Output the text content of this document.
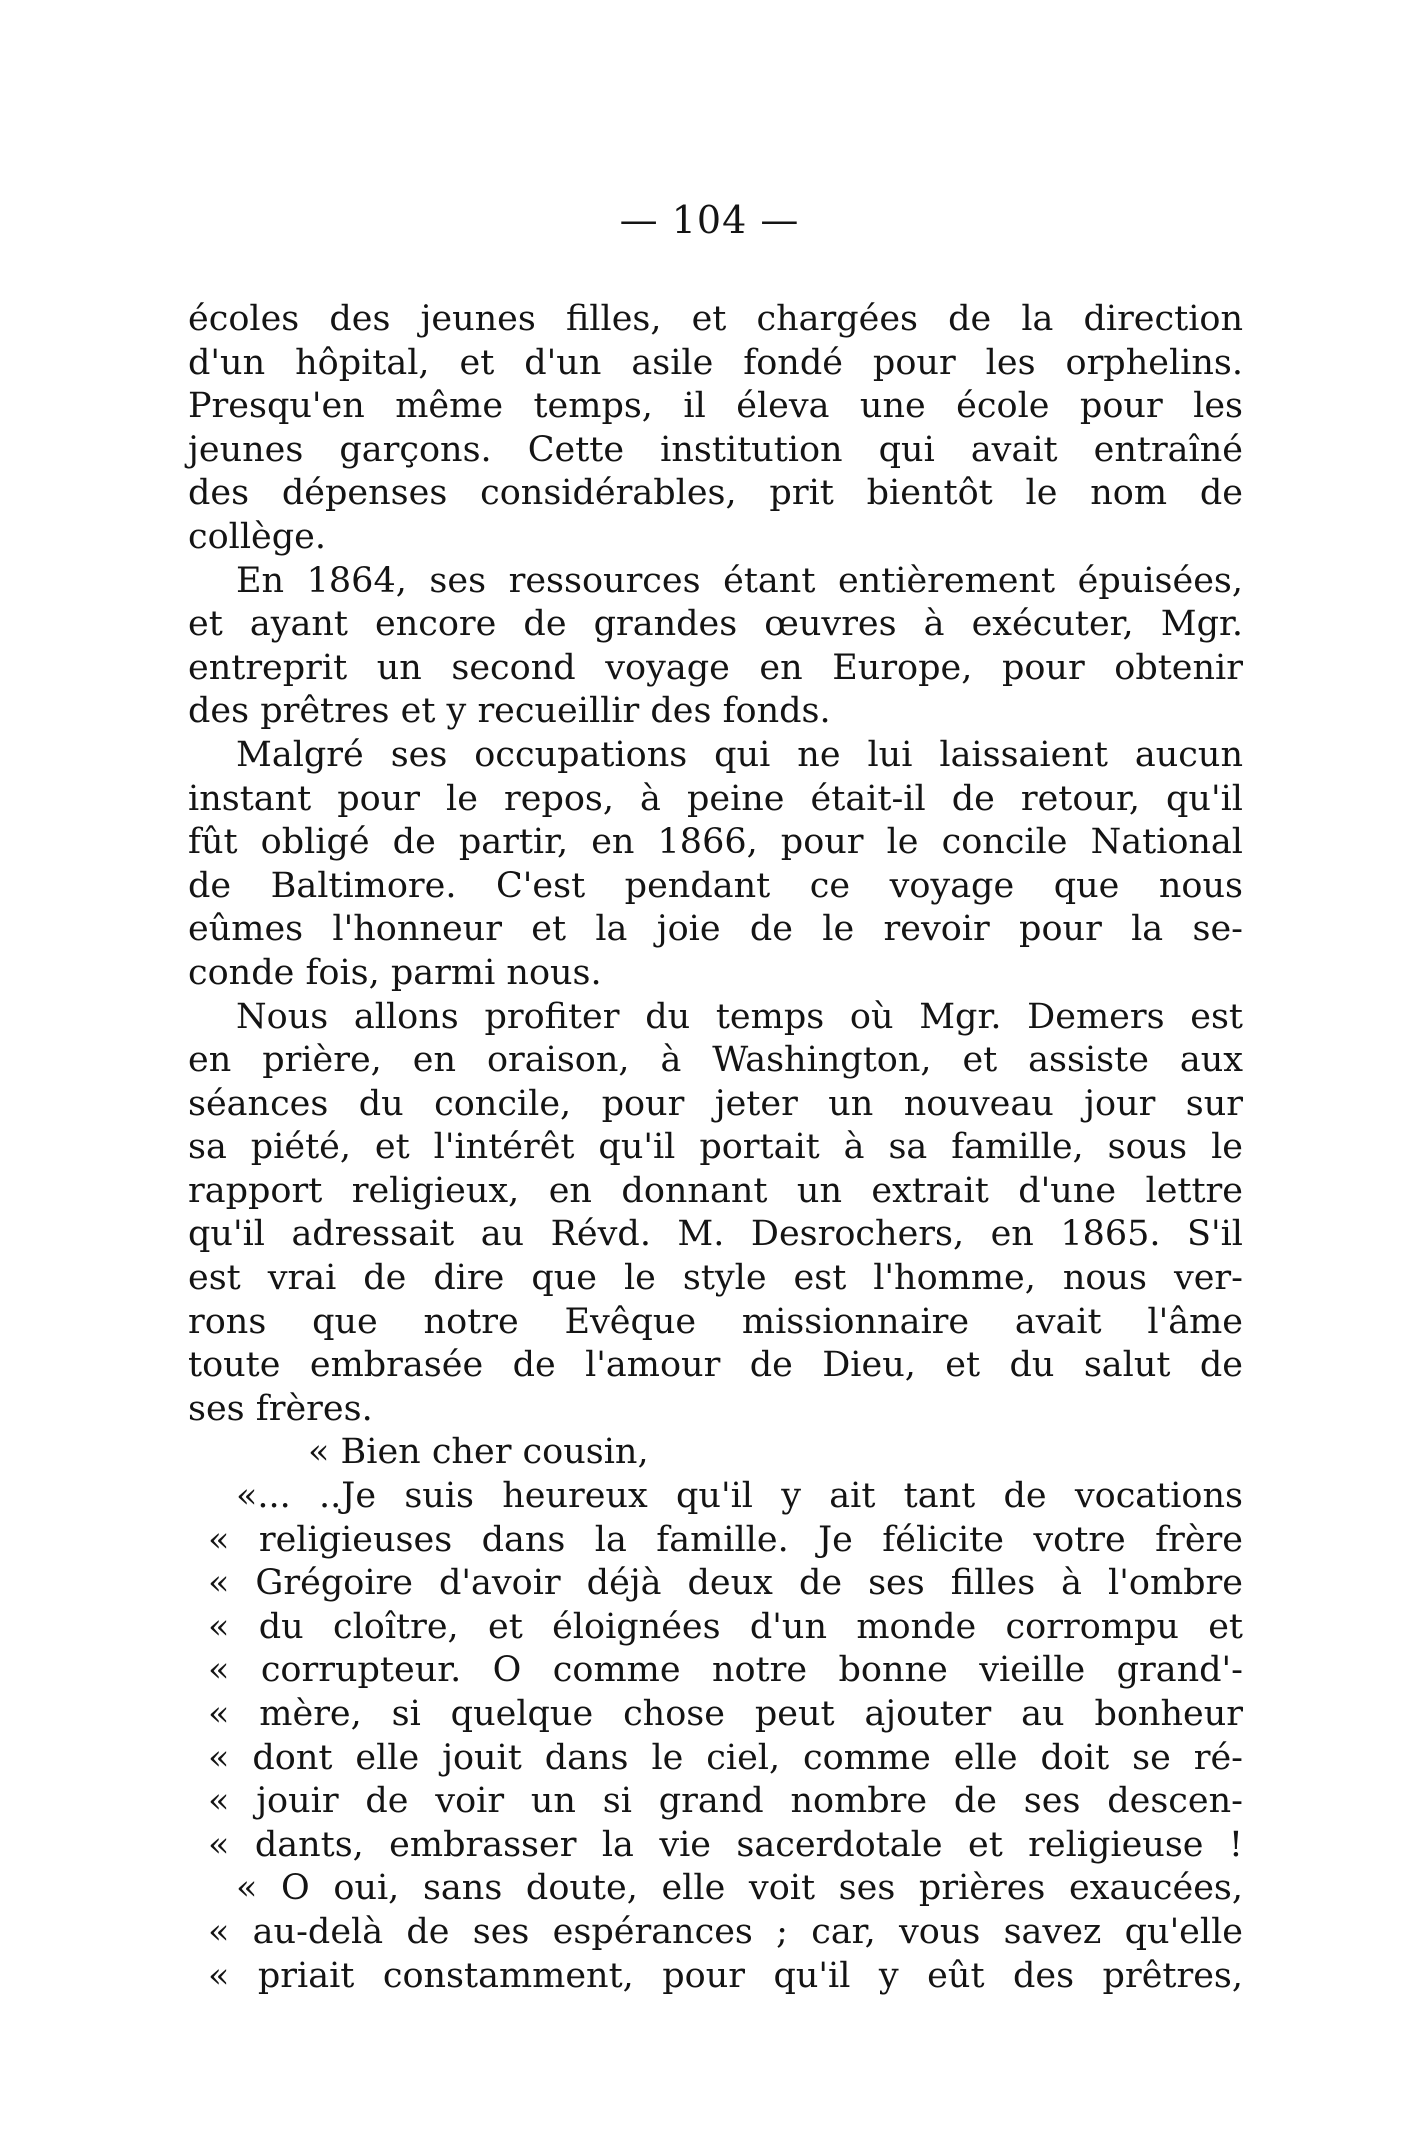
— 104 —
écoles des jeunes filles, et chargées de la direction
d'un hôpital, et d'un asile fondé pour les orphelins.
Presqu'en même temps, il éleva une école pour les
jeunes garçons. Cette institution qui avait entraîné
des dépenses considérables, prit bientôt le nom de
collège.
En 1864, ses ressources étant entièrement épuisées,
et ayant encore de grandes œuvres à exécuter, Mgr.
entreprit un second voyage en Europe, pour obtenir
des prêtres et y recueillir des fonds.
Malgré ses occupations qui ne lui laissaient aucun
instant pour le repos, à peine était-il de retour, qu'il
fût obligé de partir, en 1866, pour le concile National
de Baltimore. C'est pendant ce voyage que nous
eûmes l'honneur et la joie de le revoir pour la se-
conde fois, parmi nous.
Nous allons profiter du temps où Mgr. Demers est
en prière, en oraison, à Washington, et assiste aux
séances du concile, pour jeter un nouveau jour sur
sa piété, et l'intérêt qu'il portait à sa famille, sous le
rapport religieux, en donnant un extrait d'une lettre
qu'il adressait au Révd. M. Desrochers, en 1865. S'il
est vrai de dire que le style est l'homme, nous ver-
rons que notre Evêque missionnaire avait l'âme
toute embrasée de l'amour de Dieu, et du salut de
ses frères.
« Bien cher cousin,
«... ..Je suis heureux qu'il y ait tant de vocations
« religieuses dans la famille. Je félicite votre frère
« Grégoire d'avoir déjà deux de ses filles à l'ombre
« du cloître, et éloignées d'un monde corrompu et
« corrupteur. O comme notre bonne vieille grand'-
« mère, si quelque chose peut ajouter au bonheur
« dont elle jouit dans le ciel, comme elle doit se ré-
« jouir de voir un si grand nombre de ses descen-
« dants, embrasser la vie sacerdotale et religieuse !
« O oui, sans doute, elle voit ses prières exaucées,
« au-delà de ses espérances ; car, vous savez qu'elle
« priait constamment, pour qu'il y eût des prêtres,
